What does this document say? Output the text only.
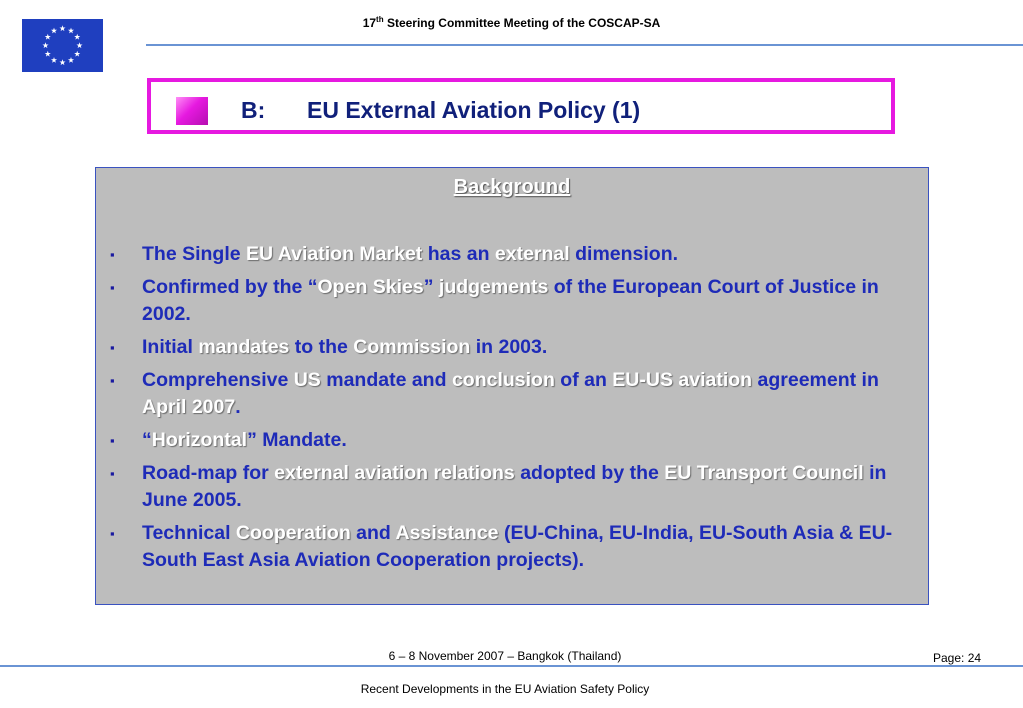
17th Steering Committee Meeting of the COSCAP-SA
B: EU External Aviation Policy (1)
Background
▪ The Single EU Aviation Market has an external dimension.
▪ Confirmed by the “Open Skies” judgements of the European Court of Justice in 2002.
▪ Initial mandates to the Commission in 2003.
▪ Comprehensive US mandate and conclusion of an EU-US aviation agreement in April 2007.
▪ “Horizontal” Mandate.
▪ Road-map for external aviation relations adopted by the EU Transport Council in June 2005.
▪ Technical Cooperation and Assistance (EU-China, EU-India, EU-South Asia & EU-South East Asia Aviation Cooperation projects).
6 – 8 November 2007 – Bangkok (Thailand)	Page: 24
Recent Developments in the EU Aviation Safety Policy
